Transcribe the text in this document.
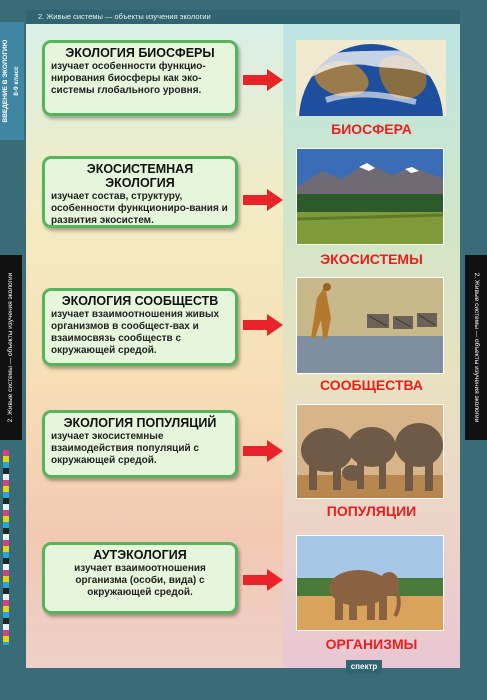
2. Живые системы — объекты изучения экологии
ВВЕДЕНИЕ В ЭКОЛОГИЮ 8-9 класс
2. Живые системы — объекты изучения экологии	2. Живые системы — объекты изучения экологии
ЭКОЛОГИЯ БИОСФЕРЫ
изучает особенности функцио-нирования биосферы как эко-системы глобального уровня.
БИОСФЕРА
ЭКОСИСТЕМНАЯ ЭКОЛОГИЯ
изучает состав, структуру, особенности функциониро-вания и развития экосистем.
ЭКОСИСТЕМЫ
ЭКОЛОГИЯ СООБЩЕСТВ
изучает взаимоотношения живых организмов в сообщест-вах и взаимосвязь сообществ с окружающей средой.
СООБЩЕСТВА
ЭКОЛОГИЯ ПОПУЛЯЦИЙ
изучает экосистемные взаимодействия популяций с окружающей средой.
ПОПУЛЯЦИИ
АУТЭКОЛОГИЯ
изучает взаимоотношения организма (особи, вида) с окружающей средой.
ОРГАНИЗМЫ
спектр
